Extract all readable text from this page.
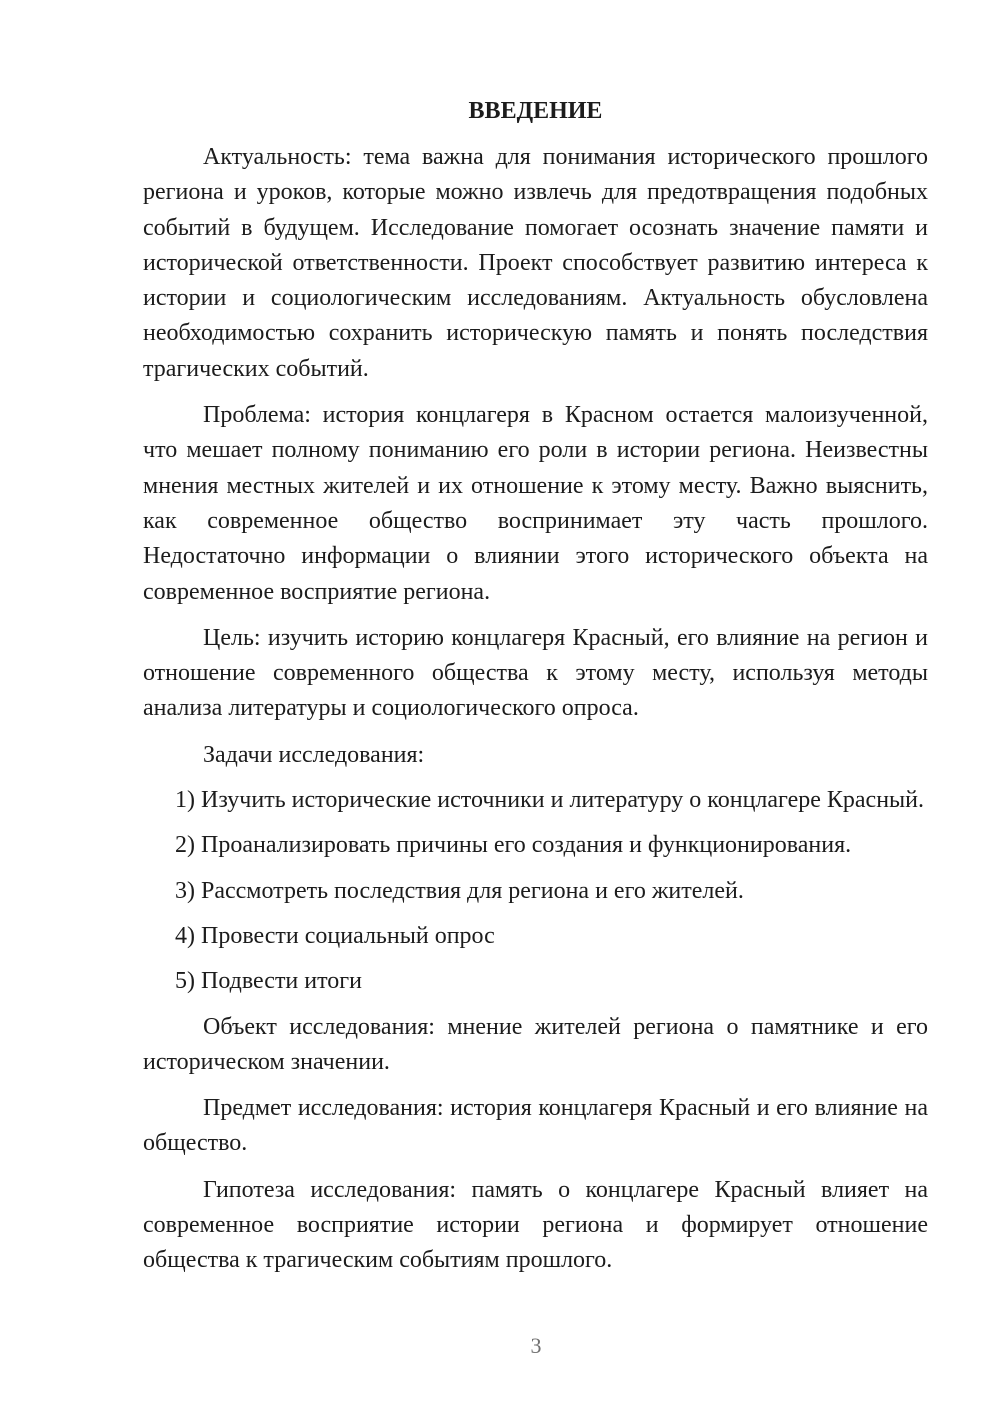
ВВЕДЕНИЕ

Актуальность: тема важна для понимания исторического прошлого региона и уроков, которые можно извлечь для предотвращения подобных событий в будущем. Исследование помогает осознать значение памяти и исторической ответственности. Проект способствует развитию интереса к истории и социологическим исследованиям. Актуальность обусловлена необходимостью сохранить историческую память и понять последствия трагических событий.

Проблема: история концлагеря в Красном остается малоизученной, что мешает полному пониманию его роли в истории региона. Неизвестны мнения местных жителей и их отношение к этому месту. Важно выяснить, как современное общество воспринимает эту часть прошлого. Недостаточно информации о влиянии этого исторического объекта на современное восприятие региона.

Цель: изучить историю концлагеря Красный, его влияние на регион и отношение современного общества к этому месту, используя методы анализа литературы и социологического опроса.

Задачи исследования:

1) Изучить исторические источники и литературу о концлагере Красный.

2) Проанализировать причины его создания и функционирования.

3) Рассмотреть последствия для региона и его жителей.

4) Провести социальный опрос

5) Подвести итоги

Объект исследования: мнение жителей региона о памятнике и его историческом значении.

Предмет исследования: история концлагеря Красный и его влияние на общество.

Гипотеза исследования: память о концлагере Красный влияет на современное восприятие истории региона и формирует отношение общества к трагическим событиям прошлого.

3
